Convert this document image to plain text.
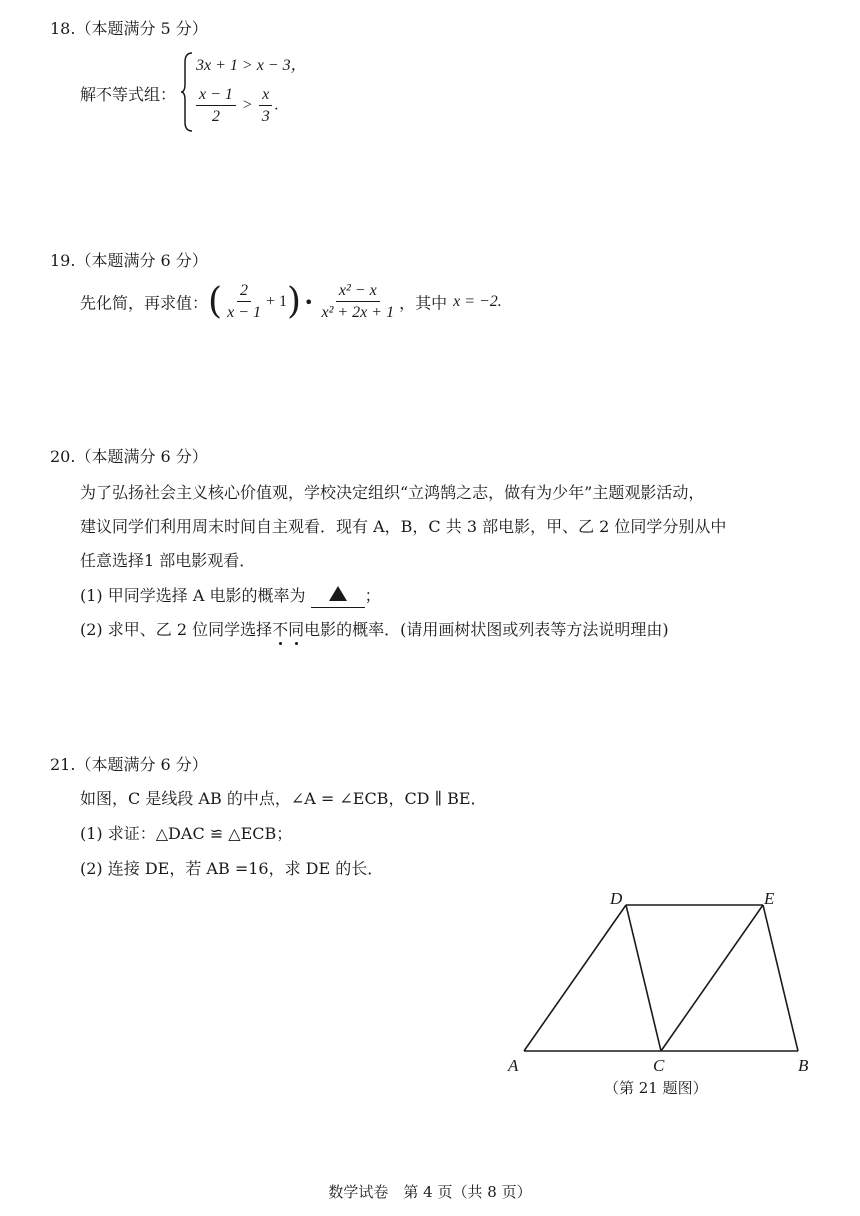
18.（本题满分 5 分）
解不等式组：
3x + 1 > x − 3，
$\frac{x - 1}{2} > \frac{x}{3}$ .
19.（本题满分 6 分）
先化简，再求值：( $\frac{2}{x - 1} + 1$) • $\frac{\text{x² − x}}{\text{x² + 2x + 1}}$ ，其中 x = −2.
20.（本题满分 6 分）
为了弘扬社会主义核心价值观，学校决定组织“立鸿鹄之志，做有为少年”主题观影活动，
建议同学们利用周末时间自主观看．现有 A，B，C 共 3 部电影，甲、乙 2 位同学分别从中
任意选择1 部电影观看．
(1) 甲同学选择 A 电影的概率为	；
(2) 求甲、乙 2 位同学选择不同电影的概率．(请用画树状图或列表等方法说明理由)
21.（本题满分 6 分）
如图，C 是线段 AB 的中点，∠A = ∠ECB，CD ∥ BE．
(1) 求证：△DAC ≌ △ECB；
(2) 连接 DE，若 AB =16，求 DE 的长．
A	B
C
D	E
（第 21 题图）
数学试卷　第 4 页（共 8 页）
